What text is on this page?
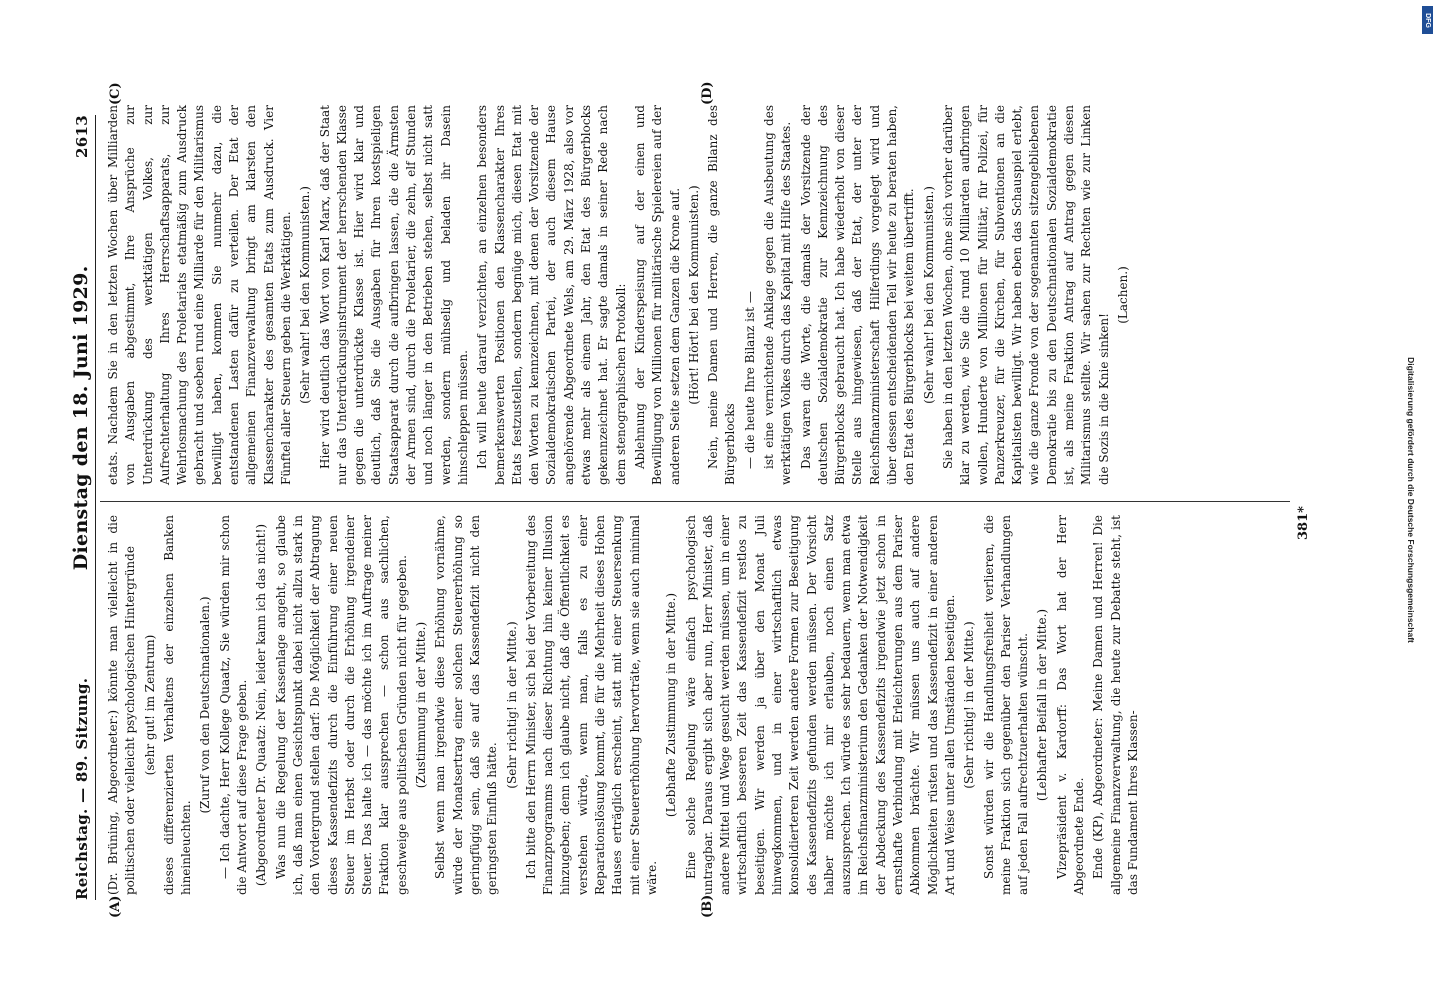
DFG
Digitalisierung gefördert durch die Deutsche Forschungsgemeinschaft
Reichstag. — 89. Sitzung.
Dienstag den 18. Juni 1929.
2613
(A)	(B)
(C)	(D)

(Dr. Brüning, Abgeordneter:) könnte man vielleicht in die politischen oder vielleicht psychologischen Hintergründe (sehr gut! im Zentrum) dieses differenzierten Verhaltens der einzelnen Banken hineinleuchten.

(Zuruf von den Deutschnationalen.) — Ich dachte, Herr Kollege Quaatz, Sie würden mir schon die Antwort auf diese Frage geben. (Abgeordneter Dr. Quaatz: Nein, leider kann ich das nicht!) Was nun die Regelung der Kassenlage angeht, so glaube ich, daß man einen Gesichtspunkt dabei nicht allzu stark in den Vordergrund stellen darf: Die Möglichkeit der Abtragung dieses Kassendefizits durch die Einführung einer neuen Steuer im Herbst oder durch die Erhöhung irgendeiner Steuer. Das halte ich — das möchte ich im Auftrage meiner Fraktion klar aussprechen — schon aus sachlichen, geschweige aus politischen Gründen nicht für gegeben. (Zustimmung in der Mitte.) Selbst wenn man irgendwie diese Erhöhung vornähme, würde der Monatsertrag einer solchen Steuererhöhung so geringfügig sein, daß sie auf das Kassendefizit nicht den geringsten Einfluß hätte.

(Sehr richtig! in der Mitte.) Ich bitte den Herrn Minister, sich bei der Vorbereitung des Finanzprogramms nach dieser Richtung hin keiner Illusion hinzugeben; denn ich glaube nicht, daß die Öffentlichkeit es verstehen würde, wenn man, falls es zu einer Reparationslösung kommt, die für die Mehrheit dieses Hohen Hauses erträglich erscheint, statt mit einer Steuersenkung mit einer Steuererhöhung hervorträte, wenn sie auch minimal wäre.

(Lebhafte Zustimmung in der Mitte.) Eine solche Regelung wäre einfach psychologisch untragbar. Daraus ergibt sich aber nun, Herr Minister, daß andere Mittel und Wege gesucht werden müssen, um in einer wirtschaftlich besseren Zeit das Kassendefizit restlos zu beseitigen. Wir werden ja über den Monat Juli hinwegkommen, und in einer wirtschaftlich etwas konsolidierteren Zeit werden andere Formen zur Beseitigung des Kassendefizits gefunden werden müssen. Der Vorsicht halber möchte ich mir erlauben, noch einen Satz auszusprechen. Ich würde es sehr bedauern, wenn man etwa im Reichsfinanzministerium den Gedanken der Notwendigkeit der Abdeckung des Kassendefizits irgendwie jetzt schon in ernsthafte Verbindung mit Erleichterungen aus dem Pariser Abkommen brächte. Wir müssen uns auch auf andere Möglichkeiten rüsten und das Kassendefizit in einer anderen Art und Weise unter allen Umständen beseitigen. (Sehr richtig! in der Mitte.) Sonst würden wir die Handlungsfreiheit verlieren, die meine Fraktion sich gegenüber den Pariser Verhandlungen auf jeden Fall aufrechtzuerhalten wünscht. (Lebhafter Beifall in der Mitte.) Vizepräsident v. Kardorff: Das Wort hat der Herr Abgeordnete Ende. Ende (KP), Abgeordneter: Meine Damen und Herren! Die allgemeine Finanzverwaltung, die heute zur Debatte steht, ist das Fundament Ihres Klassen-

etats. Nachdem Sie in den letzten Wochen über Milliarden von Ausgaben abgestimmt, Ihre Ansprüche zur Unterdrückung des werktätigen Volkes, zur Aufrechterhaltung Ihres Herrschaftsapparats, zur Wehrlosmachung des Proletariats etatmäßig zum Ausdruck gebracht und soeben rund eine Milliarde für den Militarismus bewilligt haben, kommen Sie nunmehr dazu, die entstandenen Lasten dafür zu verteilen. Der Etat der allgemeinen Finanzverwaltung bringt am klarsten den Klassencharakter des gesamten Etats zum Ausdruck. Vier Fünftel aller Steuern geben die Werktätigen. (Sehr wahr! bei den Kommunisten.) Hier wird deutlich das Wort von Karl Marx, daß der Staat nur das Unterdrückungsinstrument der herrschenden Klasse gegen die unterdrückte Klasse ist. Hier wird klar und deutlich, daß Sie die Ausgaben für Ihren kostspieligen Staatsapparat durch die aufbringen lassen, die die Ärmsten der Armen sind, durch die Proletarier, die zehn, elf Stunden und noch länger in den Betrieben stehen, selbst nicht satt werden, sondern mühselig und beladen ihr Dasein hinschleppen müssen. Ich will heute darauf verzichten, an einzelnen besonders bemerkenswerten Positionen den Klassencharakter Ihres Etats festzustellen, sondern begnüge mich, diesen Etat mit den Worten zu kennzeichnen, mit denen der Vorsitzende der Sozialdemokratischen Partei, der auch diesem Hause angehörende Abgeordnete Wels, am 29. März 1928, also vor etwas mehr als einem Jahr, den Etat des Bürgerblocks gekennzeichnet hat. Er sagte damals in seiner Rede nach dem stenographischen Protokoll: Ablehnung der Kinderspeisung auf der einen und Bewilligung von Millionen für militärische Spielereien auf der anderen Seite setzen dem Ganzen die Krone auf. (Hört! Hört! bei den Kommunisten.) Nein, meine Damen und Herren, die ganze Bilanz des Bürgerblocks — die heute Ihre Bilanz ist — ist eine vernichtende Anklage gegen die Ausbeutung des werktätigen Volkes durch das Kapital mit Hilfe des Staates. Das waren die Worte, die damals der Vorsitzende der deutschen Sozialdemokratie zur Kennzeichnung des Bürgerblocks gebraucht hat. Ich habe wiederholt von dieser Stelle aus hingewiesen, daß der Etat, der unter der Reichsfinanzministerschaft Hilferdings vorgelegt wird und über dessen entscheidenden Teil wir heute zu beraten haben, den Etat des Bürgerblocks bei weitem übertrifft. (Sehr wahr! bei den Kommunisten.) Sie haben in den letzten Wochen, ohne sich vorher darüber klar zu werden, wie Sie die rund 10 Milliarden aufbringen wollen, Hunderte von Millionen für Militär, für Polizei, für Panzerkreuzer, für die Kirchen, für Subventionen an die Kapitalisten bewilligt. Wir haben eben das Schauspiel erlebt, wie die ganze Fronde von der sogenannten sitzengebliebenen Demokratie bis zu den Deutschnationalen Sozialdemokratie ist, als meine Fraktion Antrag auf Antrag gegen diesen Militarismus stellte. Wir sahen zur Rechten wie zur Linken die Sozis in die Knie sinken!

(Lachen.)

381*
